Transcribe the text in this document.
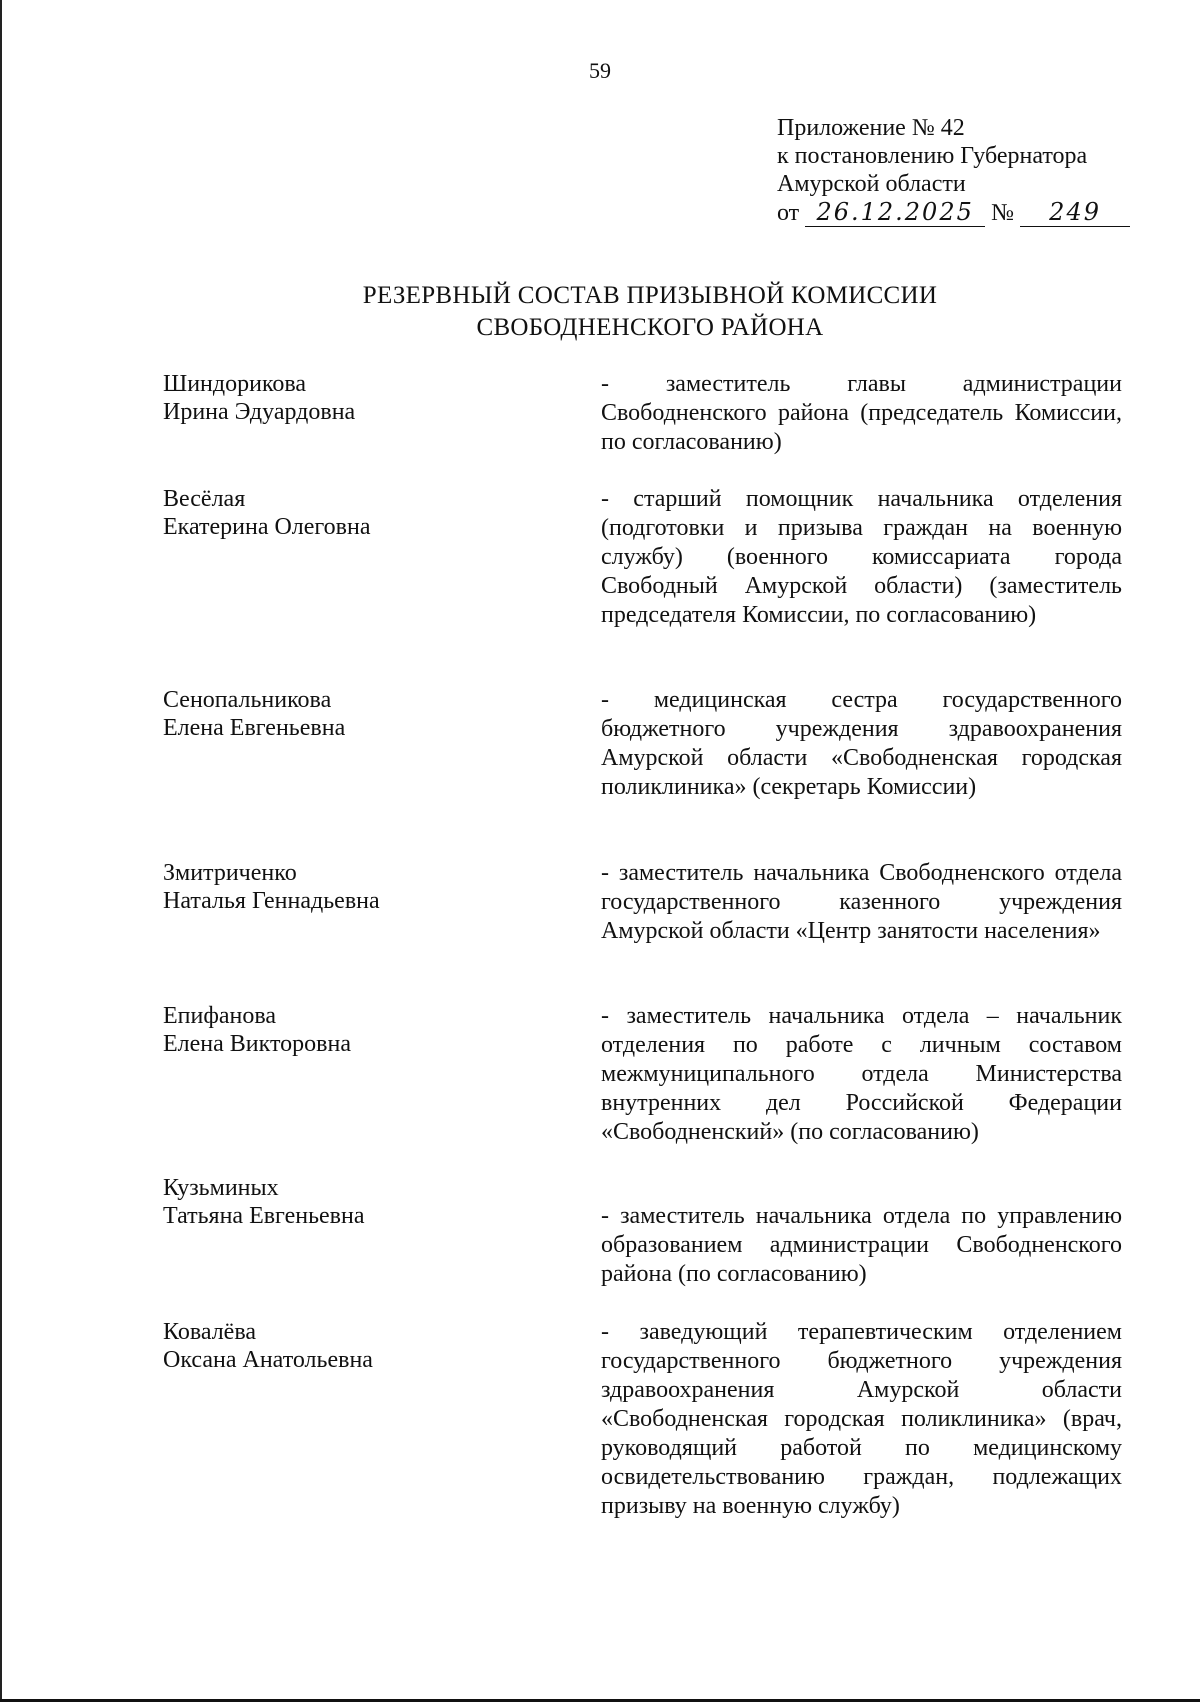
59
Приложение № 42
к постановлению Губернатора
Амурской области
от 26.12.2025 № 249
РЕЗЕРВНЫЙ СОСТАВ ПРИЗЫВНОЙ КОМИССИИ
СВОБОДНЕНСКОГО РАЙОНА
Шиндорикова
Ирина Эдуардовна
- заместитель главы администрации Свободненского района (председатель Комиссии, по согласованию)
Весёлая
Екатерина Олеговна
- старший помощник начальника отделения (подготовки и призыва граждан на военную службу) (военного комиссариата города Свободный Амурской области) (заместитель председателя Комиссии, по согласованию)
Сенопальникова
Елена Евгеньевна
- медицинская сестра государственного бюджетного учреждения здравоохранения Амурской области «Свободненская городская поликлиника» (секретарь Комиссии)
Змитриченко
Наталья Геннадьевна
- заместитель начальника Свободненского отдела государственного казенного учреждения Амурской области «Центр занятости населения»
Епифанова
Елена Викторовна
- заместитель начальника отдела – начальник отделения по работе с личным составом межмуниципального отдела Министерства внутренних дел Российской Федерации «Свободненский» (по согласованию)
Кузьминых
Татьяна Евгеньевна	- заместитель начальника отдела по управлению образованием администрации Свободненского района (по согласованию)
Ковалёва
Оксана Анатольевна
- заведующий терапевтическим отделением государственного бюджетного учреждения здравоохранения Амурской области «Свободненская городская поликлиника» (врач, руководящий работой по медицинскому освидетельствованию граждан, подлежащих призыву на военную службу)
